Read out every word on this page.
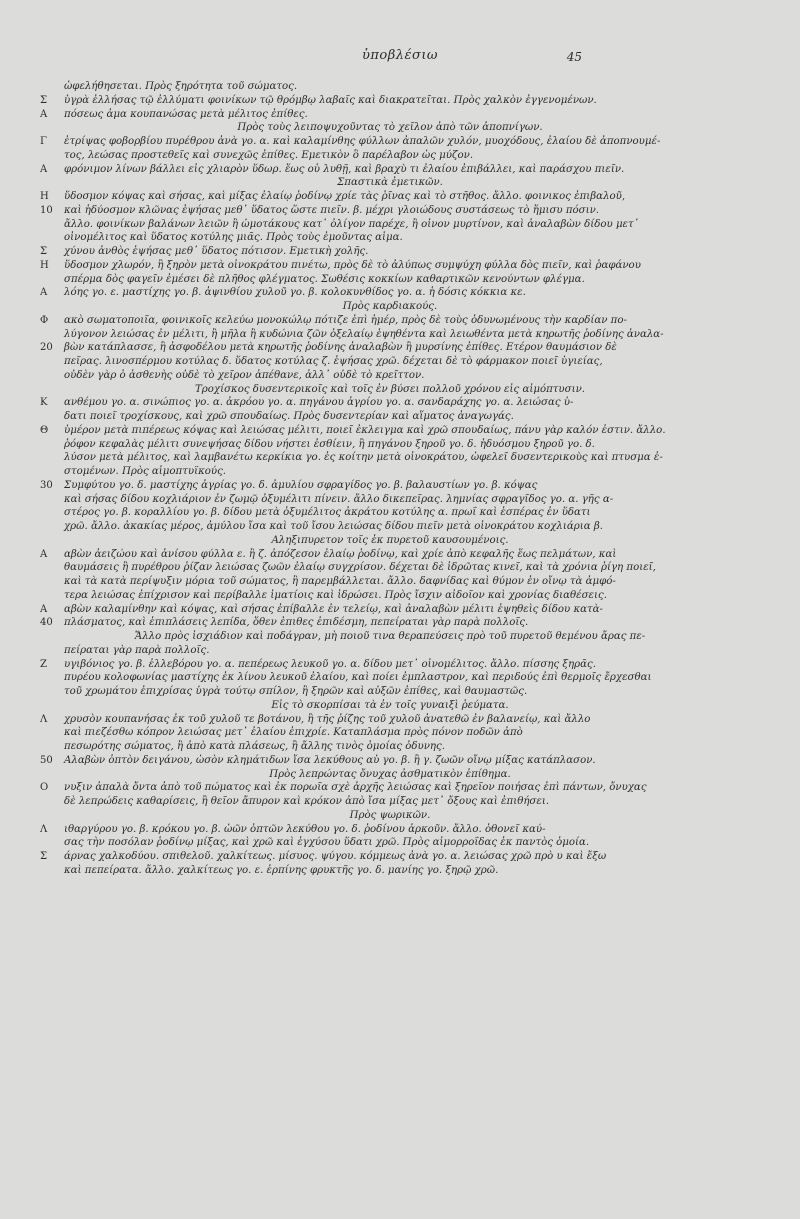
ὑποβλέσιω	45
ὠφελήθησεται. Πρὸς ξηρότητα τοῦ σώματος.
Σ	ὑγρὰ ἐλλήσας τῷ ἐλλύματι φοινίκων τῷ θρόμβῳ λαβαῖς καὶ διακρατεῖται. Πρὸς χαλκὸν ἐγγενομένων.
Α	πόσεως ἀμα κουπανώσας μετὰ μέλιτος ἐπίθες.
Πρὸς τοὺς λειποψυχοῦντας τὸ χεῖλον ἀπὸ τῶν ἀποπνίγων.
Γ	ἐτρίψας φοβορβίου πυρέθρου ἀνὰ γο. α. καὶ καλαμίνθης φύλλων ἀπαλῶν χυλόν, μυοχόδους, ἐλαίου δὲ ἀποπνουμέ-
τος, λεώσας προστεθεῖς καὶ συνεχῶς ἐπίθες. Εμετικὸν ὃ παρέλαβον ὡς μύζον.
Α	φρόνιμον λίνων βάλλει εἰς χλιαρὸν ὕδωρ. ἕως οὗ λυθῇ, καὶ βραχὺ τι ἐλαίου ἐπιβάλλει, καὶ παράσχου πιεῖν.
Σπαστικὰ ἐμετικῶν.
Η	ὕδοσμον κόψας καὶ σήσας, καὶ μίξας ἐλαίῳ ῥοδίνῳ χρίε τὰς ῥῖνας καὶ τὸ στῆθος. ἄλλο. φοινικος ἐπιβαλοῦ,
10	καὶ ἡδύοσμον κλῶνας ἑψήσας μεθ᾽ ὕδατος ὥστε πιεῖν. β. μέχρι γλοιώδους συστάσεως τὸ ἥμισυ πόσιν.
ἄλλο. φοινίκων βαλάνων λειῶν ἢ ὠμοτάκους κατ᾽ ὀλίγον παρέχε, ἢ οἶνον μυρτίνον, καὶ ἀναλαβὼν δίδου μετ᾽
οἰνομέλιτος καὶ ὕδατος κοτύλης μιᾶς. Πρὸς τοὺς ἐμοῦντας αἷμα.
Σ	χύνου ἀνθὸς ἑψήσας μεθ᾽ ὕδατος πότισον. Εμετικὴ χολῆς.
Η	ὕδοσμον χλωρόν, ἢ ξηρὸν μετὰ οἰνοκράτου πινέτω, πρὸς δὲ τὸ ἀλύπως συμψύχη φύλλα δὸς πιεῖν, καὶ ῥαφάνου
σπέρμα δὸς φαγεῖν ἐμέσει δὲ πλῆθος φλέγματος. Σωθέσις κοκκίων καθαρτικῶν κενούντων φλέγμα.
Α	λόης γο. ε. μαστίχης γο. β. ἀψινθίου χυλοῦ γο. β. κολοκυνθίδος γο. α. ἡ δόσις κόκκια κε.
Πρὸς καρδιακούς.
Φ	ακὸ σωματοποιῖα, φοινικοῖς κελεύω μονοκώλῳ πότιζε ἐπὶ ἡμέρ, πρὸς δὲ τοὺς ὀδυνωμένους τὴν καρδίαν πο-
λύγονον λειώσας ἐν μέλιτι, ἢ μῆλα ἢ κυδώνια ζῶν ὀξελαίῳ ἑψηθέντα καὶ λειωθέντα μετὰ κηρωτῆς ῥοδίνης ἀναλα-
20	βὼν κατάπλασσε, ἢ ἀσφοδέλου μετὰ κηρωτῆς ῥοδίνης ἀναλαβὼν ἢ μυρσίνης ἐπίθες. Ετέρον θαυμάσιον δὲ
πεῖρας. λινοσπέρμου κοτύλας δ. ὕδατος κοτύλας ζ. ἑψήσας χρῶ. δέχεται δὲ τὸ φάρμακον ποιεῖ ὑγιείας,
οὐδὲν γὰρ ὁ ἀσθενὴς οὐδὲ τὸ χεῖρον ἀπέθανε, ἀλλ᾽ οὐδὲ τὸ κρεῖττον.
Τροχίσκος δυσεντερικοῖς καὶ τοῖς ἐν βύσει πολλοῦ χρόνου εἰς αἱμόπτυσιν.
Κ	ανθέμου γο. α. σινώπιος γο. α. ἀκρόου γο. α. πηγάνου ἀγρίου γο. α. σανδαράχης γο. α. λειώσας ὑ-
δατι ποιεῖ τροχίσκους, καὶ χρῶ σπουδαίως. Πρὸς δυσεντερίαν καὶ αἵματος ἀναγωγάς.
Θ	ὑμέρον μετὰ πιπέρεως κόψας καὶ λειώσας μέλιτι, ποιεῖ ἐκλειγμα καὶ χρῶ σπουδαίως, πάνυ γὰρ καλόν ἐστιν. ἄλλο.
ῥόφον κεφαλὰς μέλιτι συνεψήσας δίδου νήστει ἐσθίειν, ἢ πηγάνου ξηροῦ γο. δ. ἡδυόσμου ξηροῦ γο. δ.
λύσον μετὰ μέλιτος, καὶ λαμβανέτω κερκίκια γο. ἐς κοίτην μετὰ οἰνοκράτου, ὠφελεῖ δυσεντερικοὺς καὶ πτυσμα ἐ-
στομένων. Πρὸς αἱμοπτυϊκούς.
30	Συμφύτου γο. δ. μαστίχης ἀγρίας γο. δ. ἀμυλίου σφραγίδος γο. β. βαλαυστίων γο. β. κόψας
καὶ σήσας δίδου κοχλιάριον ἐν ζωμῷ ὀξυμέλιτι πίνειν. ἄλλο δικεπεῖρας. λημνίας σφραγῖδος γο. α. γῆς α-
στέρος γο. β. κοραλλίου γο. β. δίδου μετὰ ὀξυμέλιτος ἀκράτου κοτύλης α. πρωΐ καὶ ἑσπέρας ἐν ὕδατι
χρῶ. ἄλλο. ἀκακίας μέρος, ἀμύλου ἴσα καὶ τοῦ ἴσου λειώσας δίδου πιεῖν μετὰ οἰνοκράτου κοχλιάρια β.
Αληξιπυρετον τοῖς ἐκ πυρετοῦ καυσουμένοις.
Α	αβὼν ἀειζώου καὶ ἀνίσου φύλλα ε. ἢ ζ. ἀπόζεσον ἐλαίῳ ῥοδίνῳ, καὶ χρίε ἀπὸ κεφαλῆς ἕως πελμάτων, καὶ
θαυμάσεις ἢ πυρέθρου ῥίζαν λειώσας ζωῶν ἐλαίῳ συγχρίσον. δέχεται δὲ ἱδρῶτας κινεῖ, καὶ τὰ χρόνια ῥίγη ποιεῖ,
καὶ τὰ κατὰ περίψυξιν μόρια τοῦ σώματος, ἢ παρεμβάλλεται. ἄλλο. δαφνίδας καὶ θύμον ἐν οἴνῳ τὰ ἀμφό-
τερα λειώσας ἐπίχρισον καὶ περίβαλλε ἱματίοις καὶ ἱδρώσει. Πρὸς ἴσχιν αἰδοῖον καὶ χρονίας διαθέσεις.
Α	αβὼν καλαμίνθην καὶ κόψας, καὶ σήσας ἐπίβαλλε ἐν τελείῳ, καὶ ἀναλαβὼν μέλιτι ἑψηθεὶς δίδου κατὰ-
40	πλάσματος, καὶ ἐπιπλάσεις λεπίδα, ὅθεν ἐπιθες ἐπιδέσμη, πεπείραται γὰρ παρὰ πολλοῖς.
Ἄλλο πρὸς ἰσχιάδιον καὶ ποδάγραν, μὴ ποιοῦ τινα θεραπεύσεις πρὸ τοῦ πυρετοῦ θεμένου ἄρας πε-
πείραται γὰρ παρὰ πολλοῖς.
Ζ	υγιβόνιος γο. β. ἐλλεβόρου γο. α. πεπέρεως λευκοῦ γο. α. δίδου μετ᾽ οἰνομέλιτος. ἄλλο. πίσσης ξηρᾶς.
πυρέου κολοφωνίας μαστίχης ἐκ λίνου λευκοῦ ἐλαίου, καὶ ποίει ἐμπλαστρον, καὶ περιδούς ἐπὶ θερμοῖς ἔρχεσθαι
τοῦ χρωμάτου ἐπιχρίσας ὑγρὰ τούτῳ σπίλον, ἢ ξηρῶν καὶ αὐξῶν ἐπίθες, καὶ θαυμαστῶς.
Εἰς τὸ σκορπίσαι τὰ ἐν τοῖς γυναιξὶ ῥεύματα.
Λ	χρυσὸν κουπανήσας ἐκ τοῦ χυλοῦ τε βοτάνου, ἢ τῆς ῥίζης τοῦ χυλοῦ ἀνατεθῶ ἐν βαλανείῳ, καὶ ἄλλο
καὶ πιεζέσθω κόπρον λειώσας μετ᾽ ἐλαίου ἐπιχρίε. Καταπλάσμα πρὸς πόνον ποδῶν ἀπὸ
πεσωρότης σώματος, ἢ ἀπὸ κατὰ πλάσεως, ἢ ἄλλης τινὸς ὁμοίας ὀδυνης.
50	Αλαβὼν ὀπτὸν δειγάνου, ὡσὸν κλημάτιδων ἴσα λεκύθους αὐ γο. β. ἢ γ. ζωῶν οἴνῳ μίξας κατάπλασον.
Πρὸς λεπρώντας ὄνυχας ἀσθματικὸν ἐπίθημα.
Ο	νυξιν ἀπαλὰ ὄντα ἀπὸ τοῦ πώματος καὶ ἐκ πορωῖα σχὲ ἀρχῆς λειώσας καὶ ξηρεῖον ποιήσας ἐπὶ πάντων, ὄνυχας
δὲ λεπρώδεις καθαρίσεις, ἢ θεῖον ἄπυρον καὶ κρόκον ἀπὸ ἴσα μίξας μετ᾽ ὄξους καὶ ἐπιθήσει.
Πρὸς ψωρικῶν.
Λ	ιθαργύρου γο. β. κρόκου γο. β. ὠῶν ὀπτῶν λεκύθου γο. δ. ῥοδίνου ἀρκοῦν. ἄλλο. ὀθονεῖ καύ-
σας τὴν ποσόλαν ῥοδίνῳ μίξας, καὶ χρῶ καὶ ἐγχύσου ὕδατι χρῶ. Πρὸς αἱμορροΐδας ἐκ παντὸς ὁμοία.
Σ	άρνας χαλκοδύου. σπιθελοῦ. χαλκίτεως. μίσυος. ψύγου. κόμμεως ἀνὰ γο. α. λειώσας χρῶ πρὸ υ καὶ ἔξω
καὶ πεπείρατα. ἄλλο. χαλκίτεως γο. ε. ἐρπίνης φρυκτῆς γο. δ. μανίης γο. ξηρῷ χρῶ.
